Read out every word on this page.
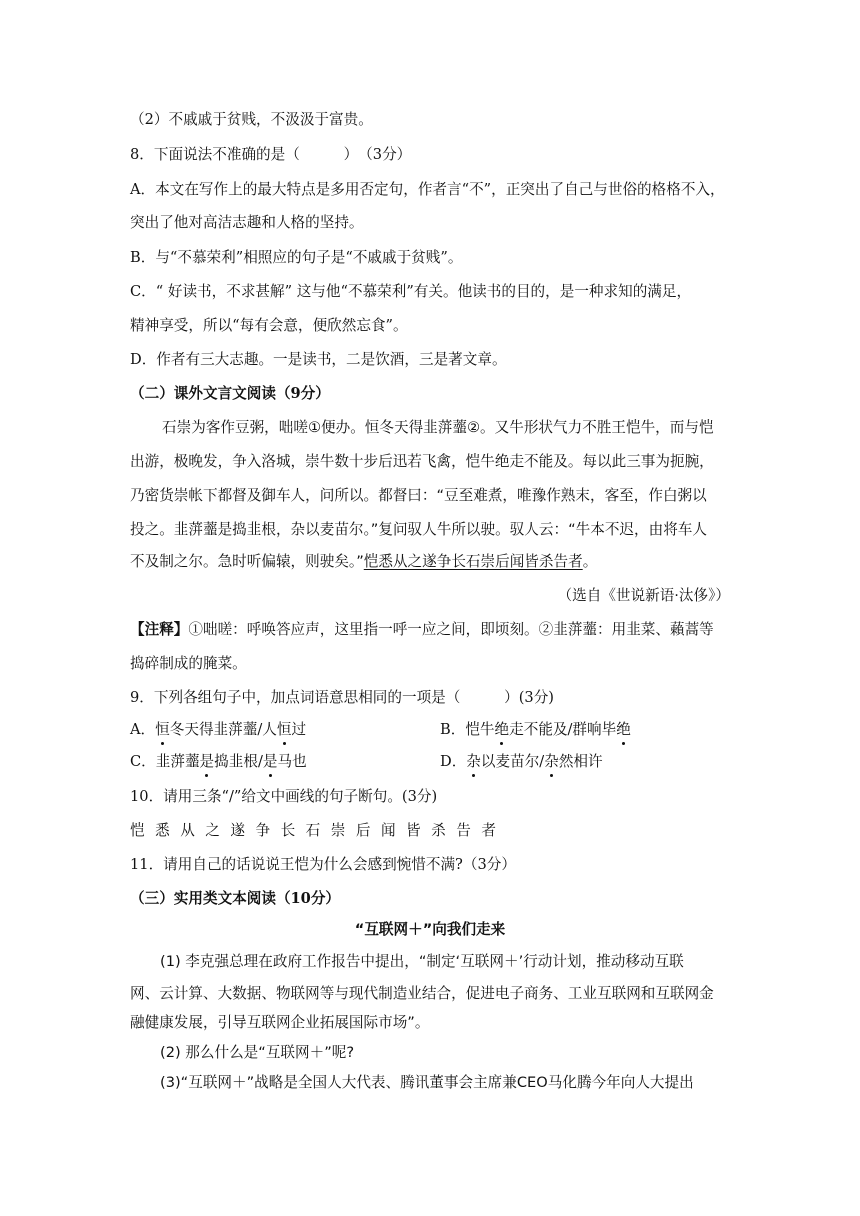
（2）不戚戚于贫贱，不汲汲于富贵。
8．下面说法不准确的是（　　　）　（3分）
A．本文在写作上的最大特点是多用否定句，作者言“不”，正突出了自己与世俗的格格不入，
突出了他对高洁志趣和人格的坚持。
B．与“不慕荣利”相照应的句子是“不戚戚于贫贱”。
C．“ 好读书，不求甚解” 这与他“不慕荣利”有关。他读书的目的，是一种求知的满足，
精神享受，所以“每有会意，便欣然忘食”。
D．作者有三大志趣。一是读书，二是饮酒，三是著文章。
（二）课外文言文阅读（9分）
石崇为客作豆粥，咄嗟①便办。恒冬天得韭蓱虀②。又牛形状气力不胜王恺牛，而与恺
出游，极晚发，争入洛城，崇牛数十步后迅若飞禽，恺牛绝走不能及。每以此三事为扼腕，
乃密货崇帐下都督及御车人，问所以。都督曰：“豆至难煮，唯豫作熟末，客至，作白粥以
投之。韭蓱虀是捣韭根，杂以麦苗尔。”复问驭人牛所以驶。驭人云：“牛本不迟，由将车人
不及制之尔。急时听偏辕，则驶矣。”恺悉从之遂争长石崇后闻皆杀告者。
（选自《世说新语·汰侈》）
【注释】①咄嗟：呼唤答应声，这里指一呼一应之间，即顷刻。②韭蓱虀：用韭菜、藾蒿等
捣碎制成的腌菜。
9．下列各组句子中，加点词语意思相同的一项是（　　　）(3分)
A．恒冬天得韭蓱虀/人恒过	B．恺牛绝走不能及/群响毕绝
C．韭蓱虀是捣韭根/是马也	D．杂以麦苗尔/杂然相许
10．请用三条“/”给文中画线的句子断句。(3分)
恺悉从之遂争长石崇后闻皆杀告者
11．请用自己的话说说王恺为什么会感到惋惜不满?（3分）
（三）实用类文本阅读（10分）
“互联网＋”向我们走来
(1) 李克强总理在政府工作报告中提出，“制定‘互联网＋’行动计划，推动移动互联
网、云计算、大数据、物联网等与现代制造业结合，促进电子商务、工业互联网和互联网金
融健康发展，引导互联网企业拓展国际市场”。
(2) 那么什么是“互联网＋”呢?
(3)“互联网＋”战略是全国人大代表、腾讯董事会主席兼CEO马化腾今年向人大提出
